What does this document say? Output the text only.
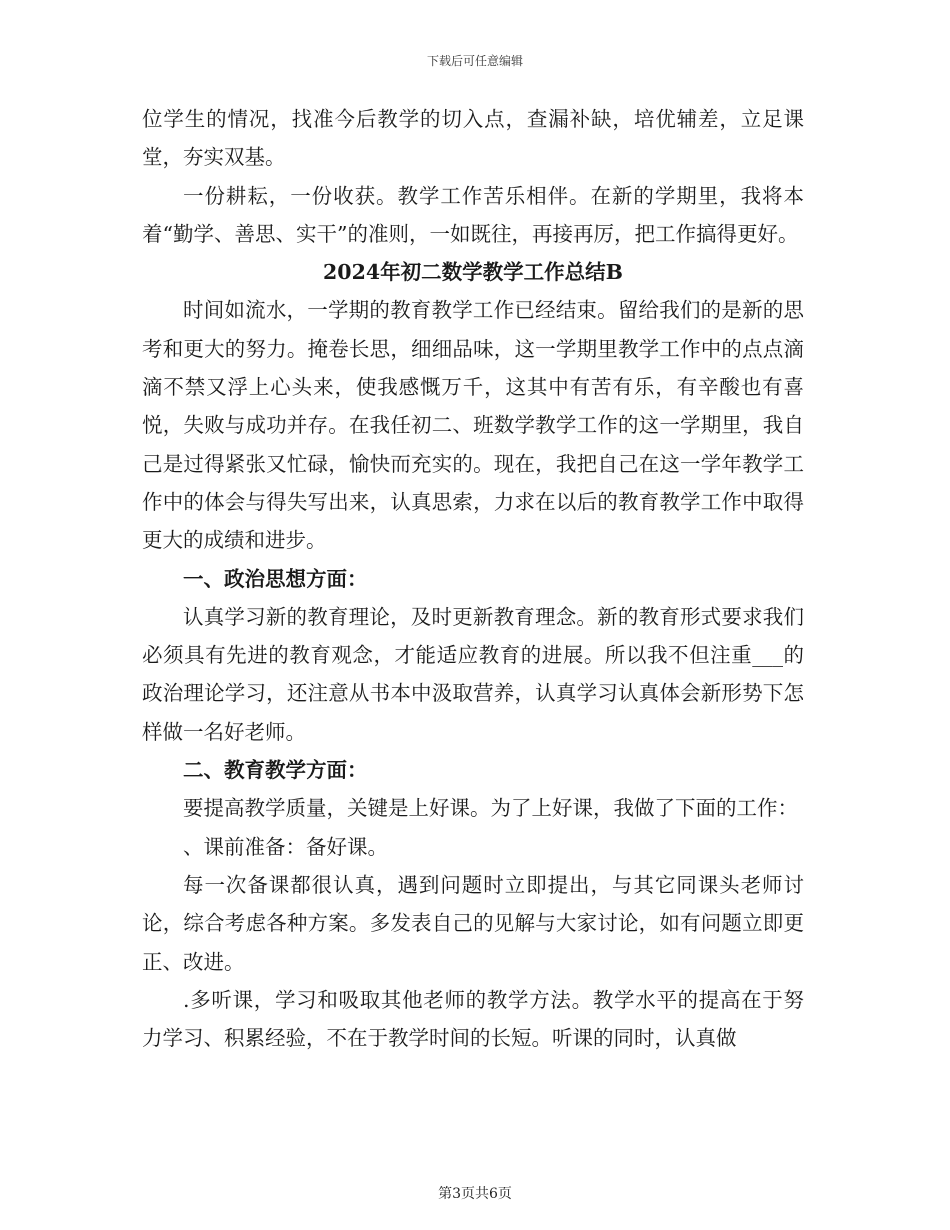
下载后可任意编辑

位学生的情况，找准今后教学的切入点，查漏补缺，培优辅差，立足课堂，夯实双基。

一份耕耘，一份收获。教学工作苦乐相伴。在新的学期里，我将本着“勤学、善思、实干”的准则，一如既往，再接再厉，把工作搞得更好。

2024年初二数学教学工作总结B

时间如流水，一学期的教育教学工作已经结束。留给我们的是新的思考和更大的努力。掩卷长思，细细品味，这一学期里教学工作中的点点滴滴不禁又浮上心头来，使我感慨万千，这其中有苦有乐，有辛酸也有喜悦，失败与成功并存。在我任初二、班数学教学工作的这一学期里，我自己是过得紧张又忙碌，愉快而充实的。现在，我把自己在这一学年教学工作中的体会与得失写出来，认真思索，力求在以后的教育教学工作中取得更大的成绩和进步。

一、政治思想方面：

认真学习新的教育理论，及时更新教育理念。新的教育形式要求我们必须具有先进的教育观念，才能适应教育的进展。所以我不但注重___的政治理论学习，还注意从书本中汲取营养，认真学习认真体会新形势下怎样做一名好老师。

二、教育教学方面：

要提高教学质量，关键是上好课。为了上好课，我做了下面的工作：

、课前准备：备好课。

每一次备课都很认真，遇到问题时立即提出，与其它同课头老师讨论，综合考虑各种方案。多发表自己的见解与大家讨论，如有问题立即更正、改进。

.多听课，学习和吸取其他老师的教学方法。教学水平的提高在于努力学习、积累经验，不在于教学时间的长短。听课的同时，认真做

第3页共6页
